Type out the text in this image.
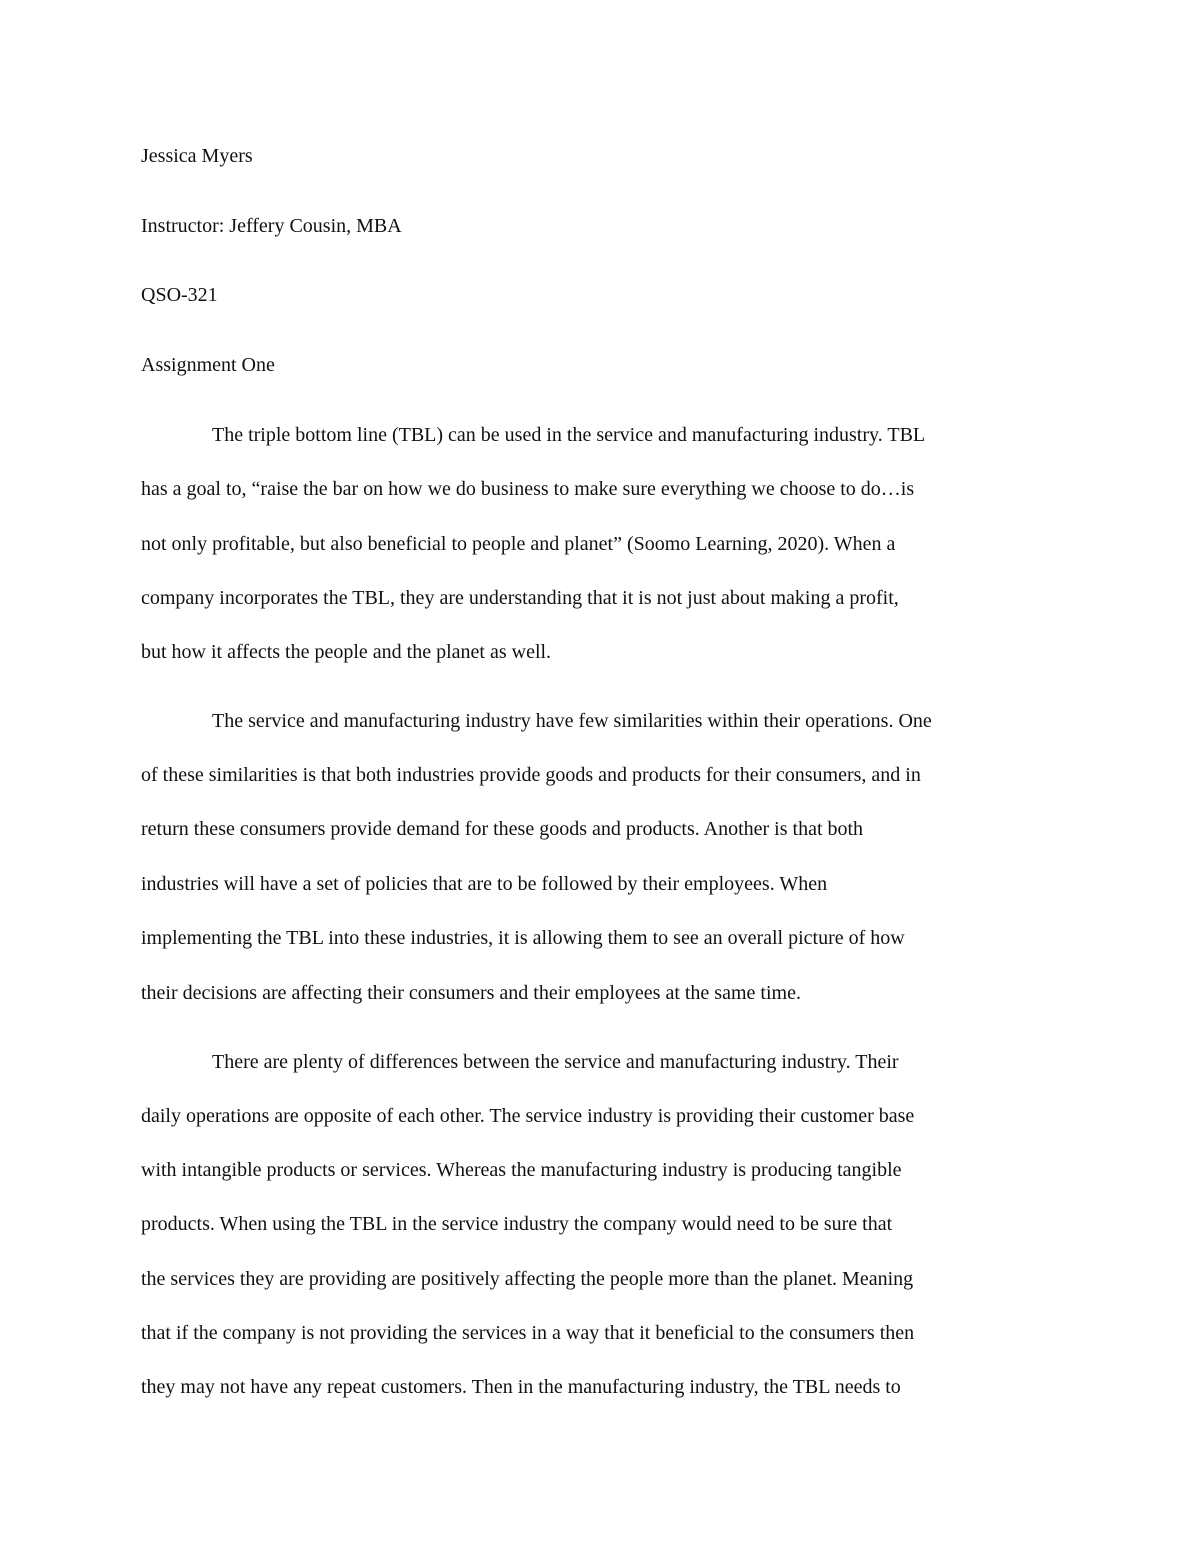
Jessica Myers
Instructor: Jeffery Cousin, MBA
QSO-321
Assignment One
The triple bottom line (TBL) can be used in the service and manufacturing industry. TBL
has a goal to, “raise the bar on how we do business to make sure everything we choose to do…is
not only profitable, but also beneficial to people and planet” (Soomo Learning, 2020). When a
company incorporates the TBL, they are understanding that it is not just about making a profit,
but how it affects the people and the planet as well.
The service and manufacturing industry have few similarities within their operations. One
of these similarities is that both industries provide goods and products for their consumers, and in
return these consumers provide demand for these goods and products. Another is that both
industries will have a set of policies that are to be followed by their employees. When
implementing the TBL into these industries, it is allowing them to see an overall picture of how
their decisions are affecting their consumers and their employees at the same time.
There are plenty of differences between the service and manufacturing industry. Their
daily operations are opposite of each other. The service industry is providing their customer base
with intangible products or services. Whereas the manufacturing industry is producing tangible
products. When using the TBL in the service industry the company would need to be sure that
the services they are providing are positively affecting the people more than the planet. Meaning
that if the company is not providing the services in a way that it beneficial to the consumers then
they may not have any repeat customers. Then in the manufacturing industry, the TBL needs to
